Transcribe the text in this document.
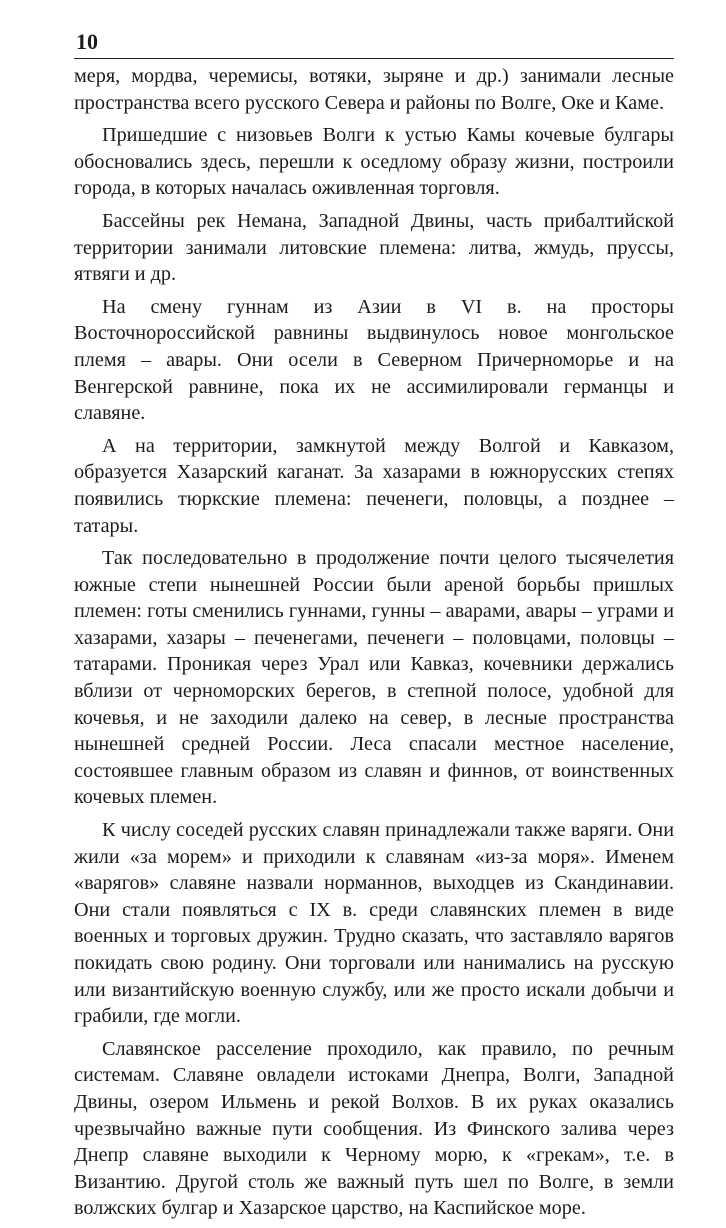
10

меря, мордва, черемисы, вотяки, зыряне и др.) занимали лесные пространства всего русского Севера и районы по Волге, Оке и Каме.

Пришедшие с низовьев Волги к устью Камы кочевые булгары обосновались здесь, перешли к оседлому образу жизни, построили города, в которых началась оживленная торговля.

Бассейны рек Немана, Западной Двины, часть прибалтийской территории занимали литовские племена: литва, жмудь, пруссы, ятвяги и др.

На смену гуннам из Азии в VI в. на просторы Восточнороссийской равнины выдвинулось новое монгольское племя – авары. Они осели в Северном Причерноморье и на Венгерской равнине, пока их не ассимилировали германцы и славяне.

А на территории, замкнутой между Волгой и Кавказом, образуется Хазарский каганат. За хазарами в южнорусских степях появились тюркские племена: печенеги, половцы, а позднее – татары.

Так последовательно в продолжение почти целого тысячелетия южные степи нынешней России были ареной борьбы пришлых племен: готы сменились гуннами, гунны – аварами, авары – уграми и хазарами, хазары – печенегами, печенеги – половцами, половцы – татарами. Проникая через Урал или Кавказ, кочевники держались вблизи от черноморских берегов, в степной полосе, удобной для кочевья, и не заходили далеко на север, в лесные пространства нынешней средней России. Леса спасали местное население, состоявшее главным образом из славян и финнов, от воинственных кочевых племен.

К числу соседей русских славян принадлежали также варяги. Они жили «за морем» и приходили к славянам «из-за моря». Именем «варягов» славяне назвали норманнов, выходцев из Скандинавии. Они стали появляться с IX в. среди славянских племен в виде военных и торговых дружин. Трудно сказать, что заставляло варягов покидать свою родину. Они торговали или нанимались на русскую или византийскую военную службу, или же просто искали добычи и грабили, где могли.

Славянское расселение проходило, как правило, по речным системам. Славяне овладели истоками Днепра, Волги, Западной Двины, озером Ильмень и рекой Волхов. В их руках оказались чрезвычайно важные пути сообщения. Из Финского залива через Днепр славяне выходили к Черному морю, к «грекам», т.е. в Византию. Другой столь же важный путь шел по Волге, в земли волжских булгар и Хазарское царство, на Каспийское море.
